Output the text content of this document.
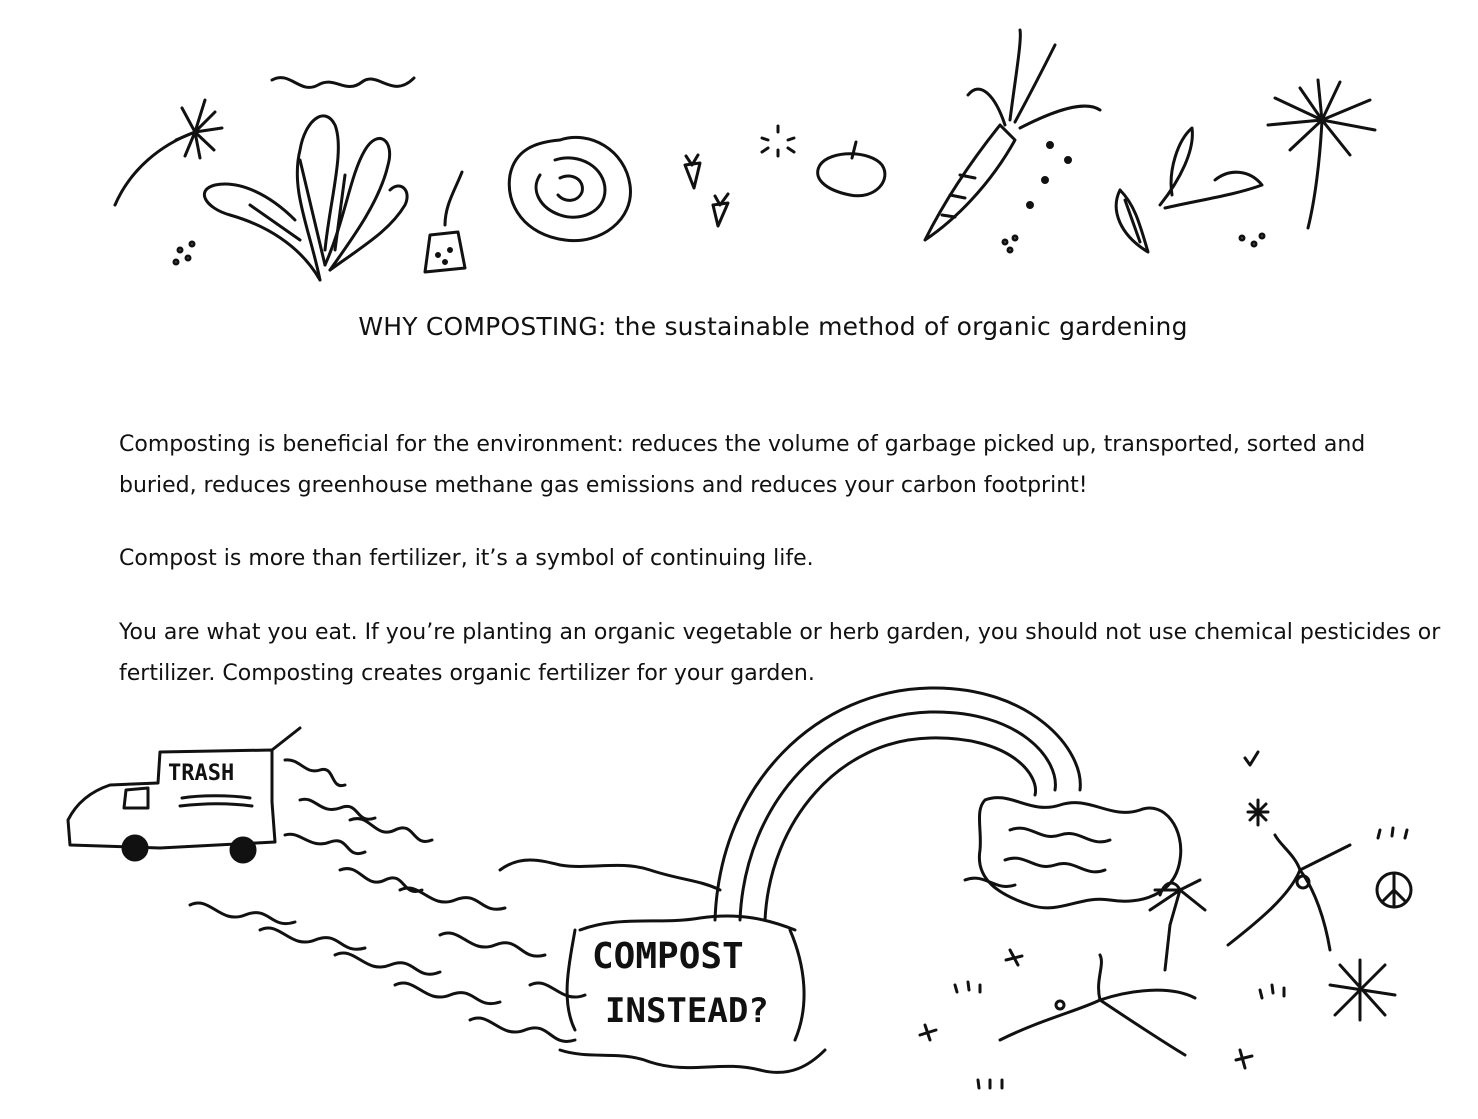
WHY COMPOSTING: the sustainable method of organic gardening

Composting is beneficial for the environment: reduces the volume of garbage picked up, transported, sorted and buried, reduces greenhouse methane gas emissions and reduces your carbon footprint!

Compost is more than fertilizer, it’s a symbol of continuing life.

You are what you eat. If you’re planting an organic vegetable or herb garden, you should not use chemical pesticides or fertilizer. Composting creates organic fertilizer for your garden.

TRASH
COMPOST
INSTEAD?
